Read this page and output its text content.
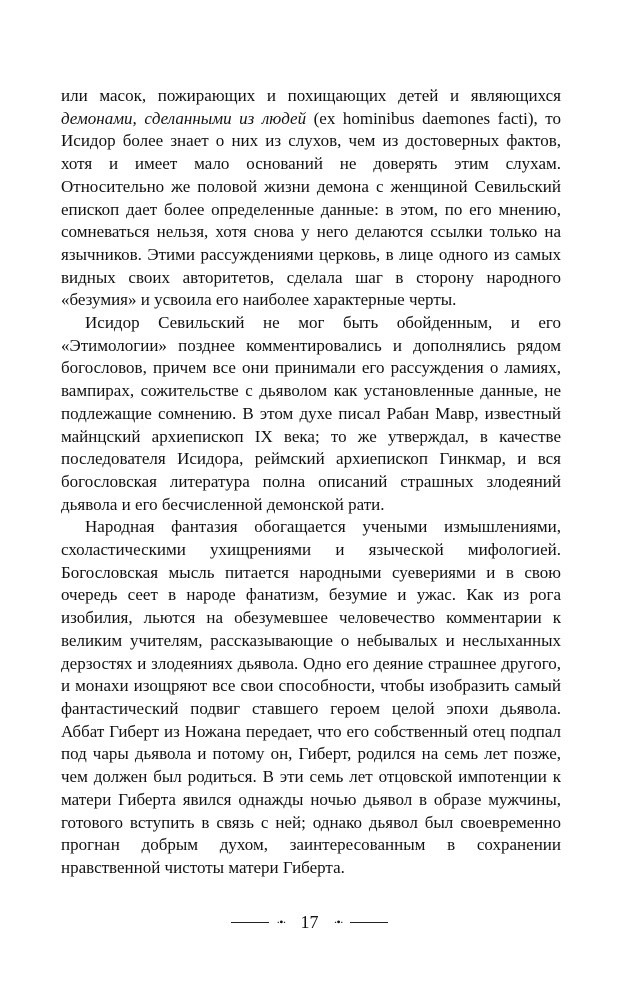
или масок, пожирающих и похищающих детей и являющихся демонами, сделанными из людей (ex hominibus daemones facti), то Исидор более знает о них из слухов, чем из достоверных фактов, хотя и имеет мало оснований не доверять этим слухам. Относительно же половой жизни демона с женщиной Севильский епископ дает более определенные данные: в этом, по его мнению, сомневаться нельзя, хотя снова у него делаются ссылки только на язычников. Этими рассуждениями церковь, в лице одного из самых видных своих авторитетов, сделала шаг в сторону народного «безумия» и усвоила его наиболее характерные черты.

Исидор Севильский не мог быть обойденным, и его «Этимологии» позднее комментировались и дополнялись рядом богословов, причем все они принимали его рассуждения о ламиях, вампирах, сожительстве с дьяволом как установленные данные, не подлежащие сомнению. В этом духе писал Рабан Мавр, известный майнцский архиепископ IX века; то же утверждал, в качестве последователя Исидора, реймский архиепископ Гинкмар, и вся богословская литература полна описаний страшных злодеяний дьявола и его бесчисленной демонской рати.

Народная фантазия обогащается учеными измышлениями, схоластическими ухищрениями и языческой мифологией. Богословская мысль питается народными суевериями и в свою очередь сеет в народе фанатизм, безумие и ужас. Как из рога изобилия, льются на обезумевшее человечество комментарии к великим учителям, рассказывающие о небывалых и неслыханных дерзостях и злодеяниях дьявола. Одно его деяние страшнее другого, и монахи изощряют все свои способности, чтобы изобразить самый фантастический подвиг ставшего героем целой эпохи дьявола. Аббат Гиберт из Ножана передает, что его собственный отец подпал под чары дьявола и потому он, Гиберт, родился на семь лет позже, чем должен был родиться. В эти семь лет отцовской импотенции к матери Гиберта явился однажды ночью дьявол в образе мужчины, готового вступить в связь с ней; однако дьявол был своевременно прогнан добрым духом, заинтересованным в сохранении нравственной чистоты матери Гиберта.

·•· 17 ·•·
